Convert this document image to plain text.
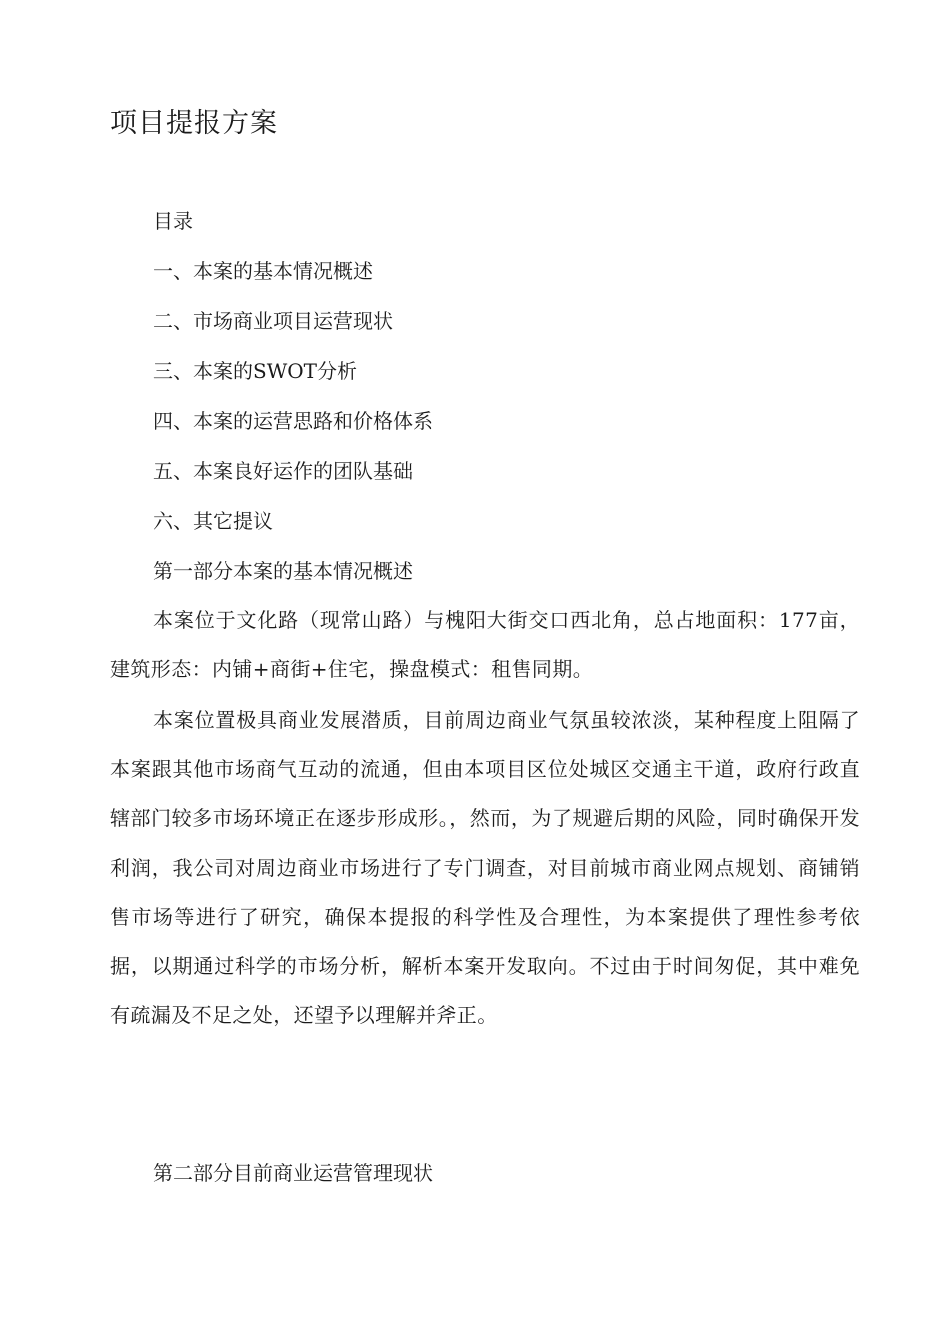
项目提报方案
目录
一、本案的基本情况概述
二、市场商业项目运营现状
三、本案的SWOT分析
四、本案的运营思路和价格体系
五、本案良好运作的团队基础
六、其它提议
第一部分本案的基本情况概述

本案位于文化路（现常山路）与槐阳大街交口西北角，总占地面积：177亩，建筑形态：内铺+商街+住宅，操盘模式：租售同期。

本案位置极具商业发展潜质，目前周边商业气氛虽较浓淡，某种程度上阻隔了本案跟其他市场商气互动的流通，但由本项目区位处城区交通主干道，政府行政直辖部门较多市场环境正在逐步形成形。，然而，为了规避后期的风险，同时确保开发利润，我公司对周边商业市场进行了专门调查，对目前城市商业网点规划、商铺销售市场等进行了研究，确保本提报的科学性及合理性，为本案提供了理性参考依据，以期通过科学的市场分析，解析本案开发取向。不过由于时间匆促，其中难免有疏漏及不足之处，还望予以理解并斧正。

第二部分目前商业运营管理现状
